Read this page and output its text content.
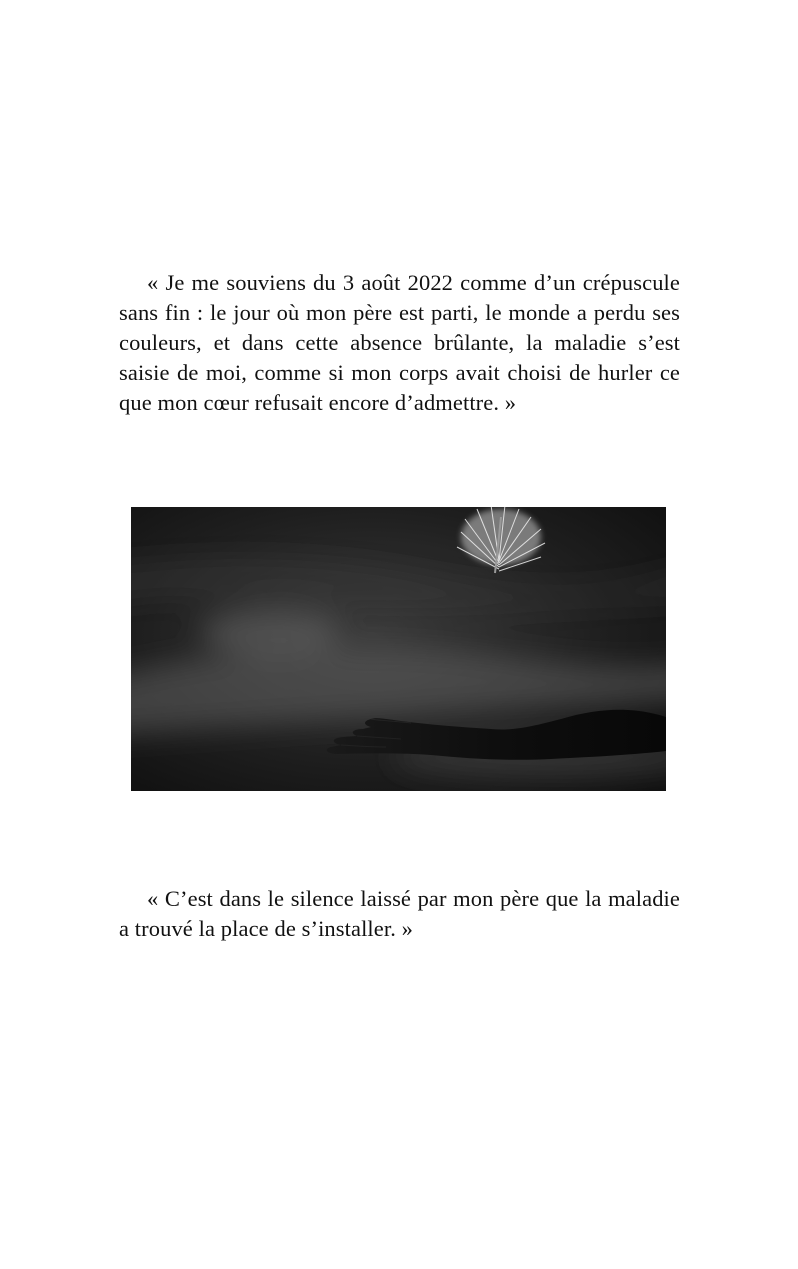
« Je me souviens du 3 août 2022 comme d’un crépuscule sans fin : le jour où mon père est parti, le monde a perdu ses couleurs, et dans cette absence brûlante, la maladie s’est saisie de moi, comme si mon corps avait choisi de hurler ce que mon cœur refusait encore d’admettre. »

« C’est dans le silence laissé par mon père que la maladie a trouvé la place de s’installer. »
